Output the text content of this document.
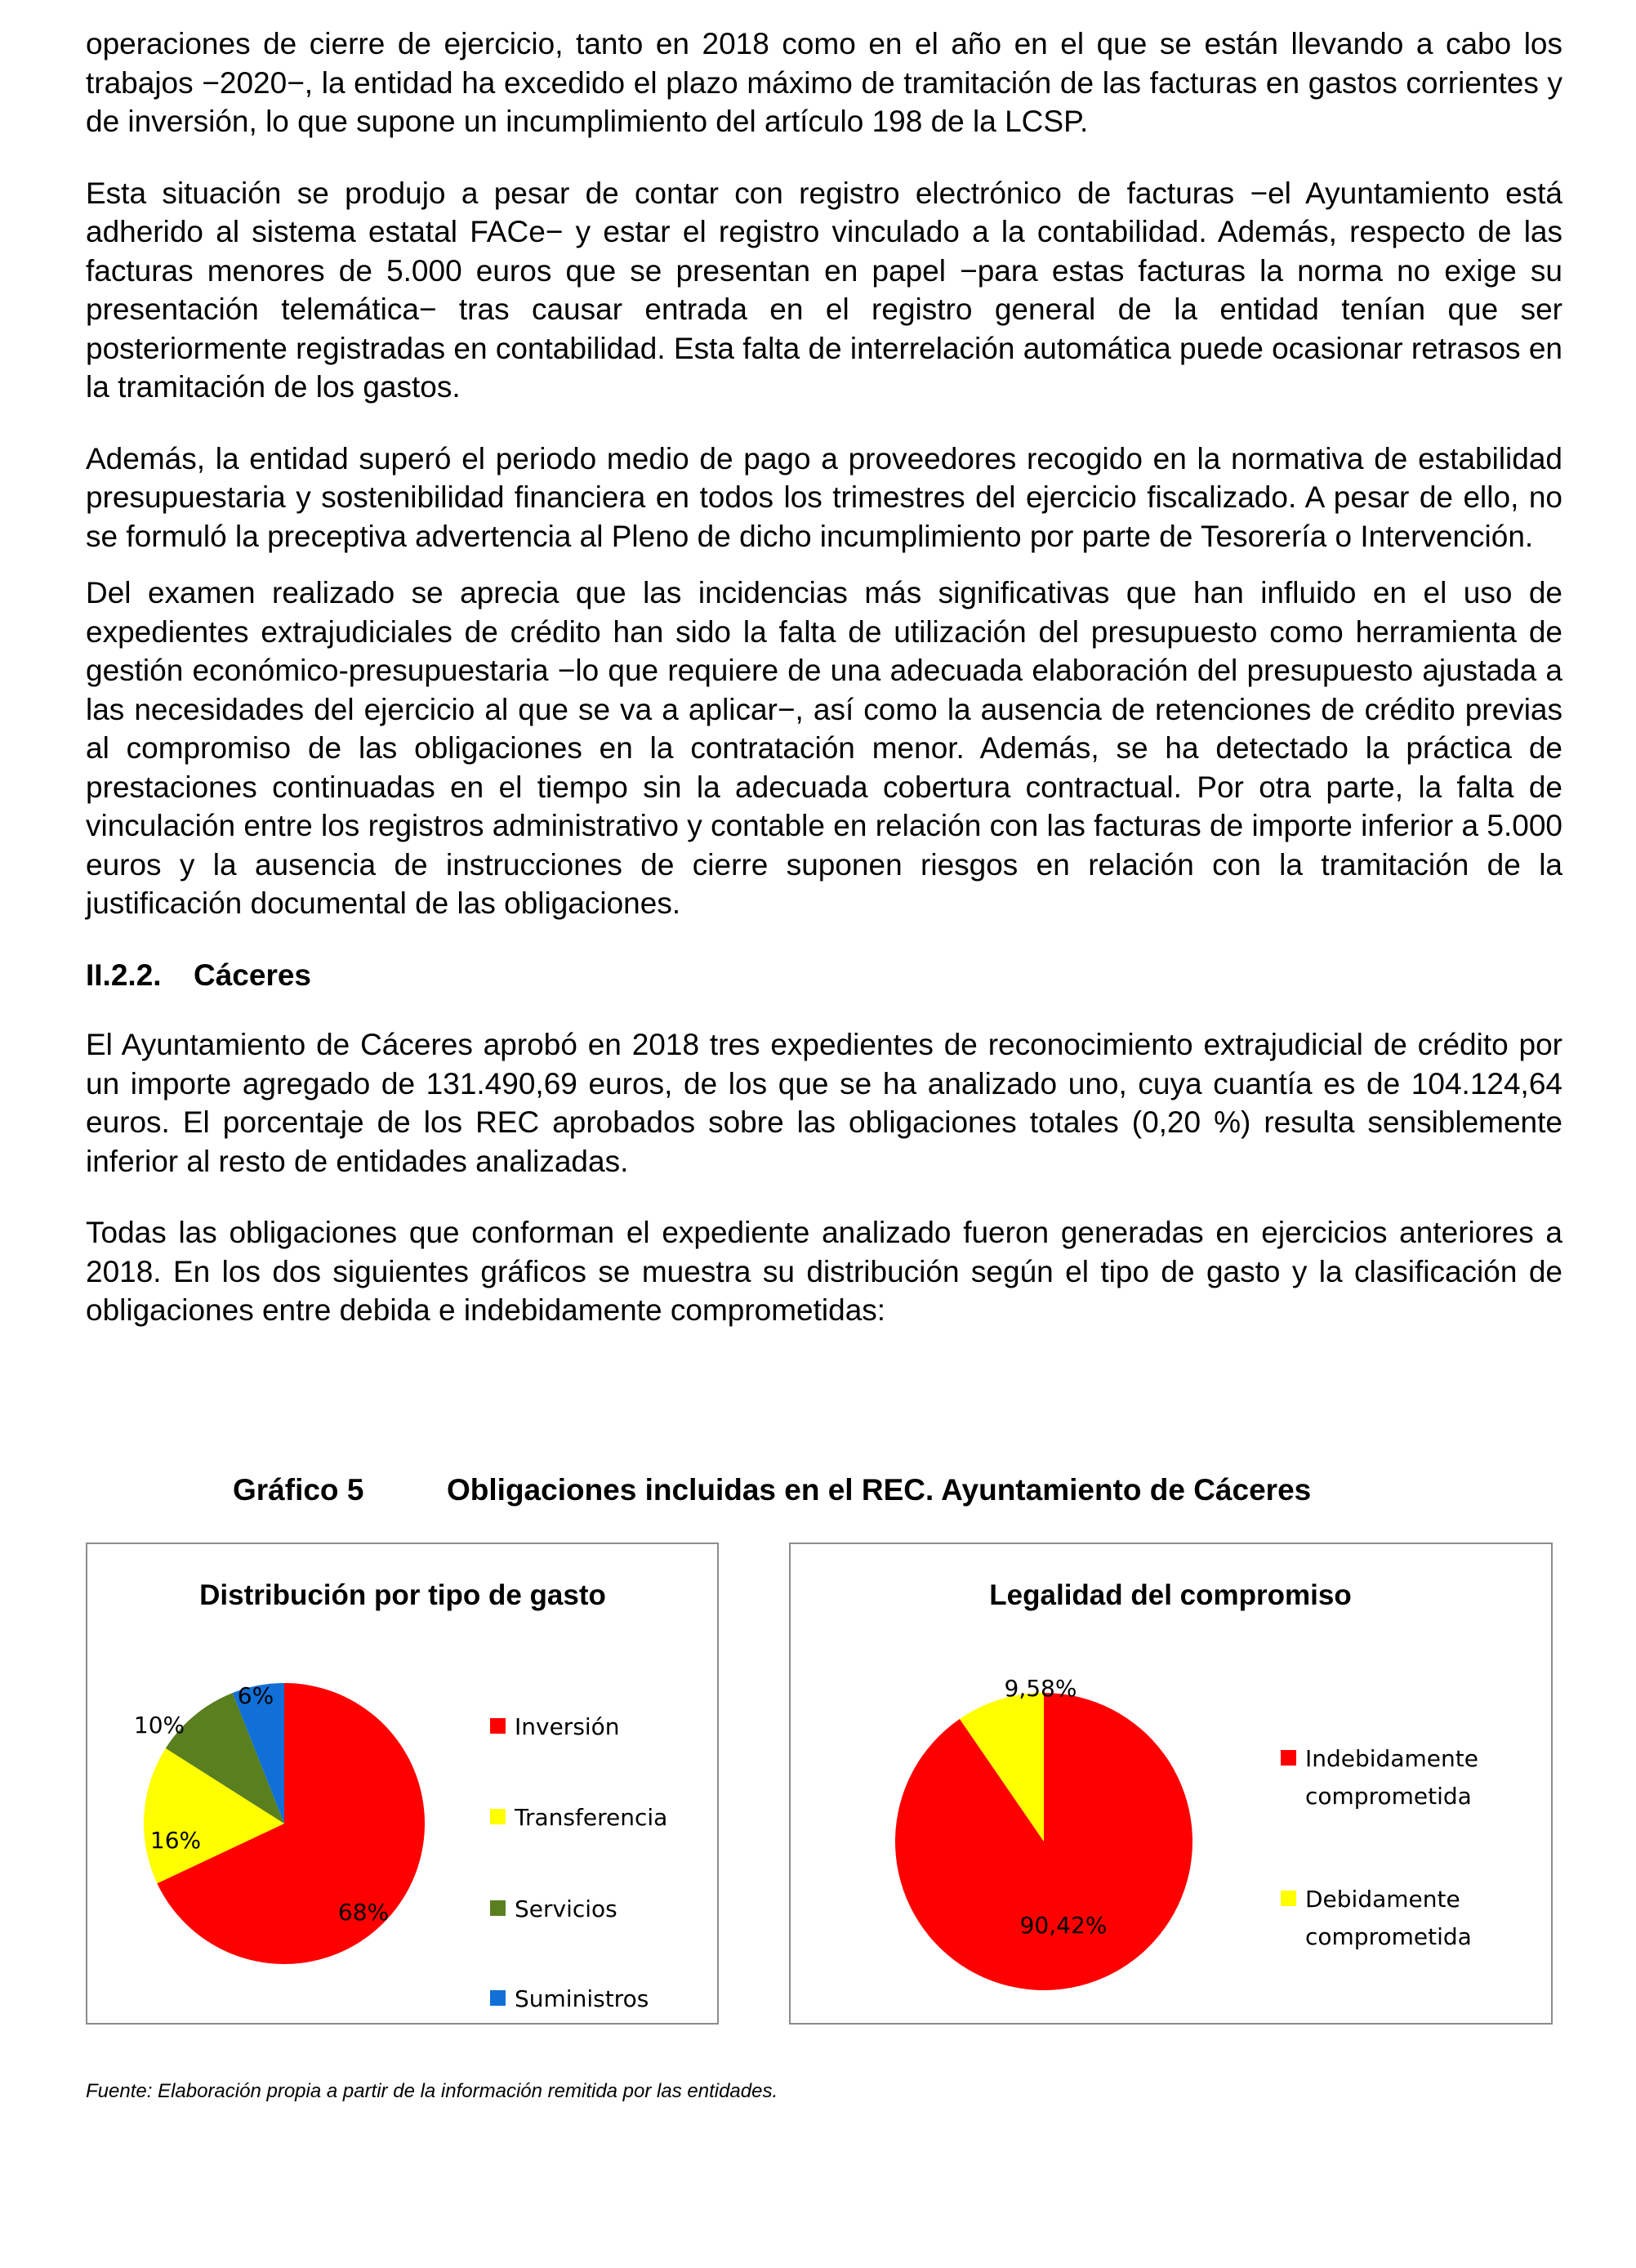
operaciones de cierre de ejercicio, tanto en 2018 como en el año en el que se están llevando a cabo los trabajos −2020−, la entidad ha excedido el plazo máximo de tramitación de las facturas en gastos corrientes y de inversión, lo que supone un incumplimiento del artículo 198 de la LCSP.

Esta situación se produjo a pesar de contar con registro electrónico de facturas −el Ayuntamiento está adherido al sistema estatal FACe− y estar el registro vinculado a la contabilidad. Además, respecto de las facturas menores de 5.000 euros que se presentan en papel −para estas facturas la norma no exige su presentación telemática− tras causar entrada en el registro general de la entidad tenían que ser posteriormente registradas en contabilidad. Esta falta de interrelación automática puede ocasionar retrasos en la tramitación de los gastos.

Además, la entidad superó el periodo medio de pago a proveedores recogido en la normativa de estabilidad presupuestaria y sostenibilidad financiera en todos los trimestres del ejercicio fiscalizado. A pesar de ello, no se formuló la preceptiva advertencia al Pleno de dicho incumplimiento por parte de Tesorería o Intervención.

Del examen realizado se aprecia que las incidencias más significativas que han influido en el uso de expedientes extrajudiciales de crédito han sido la falta de utilización del presupuesto como herramienta de gestión económico-presupuestaria −lo que requiere de una adecuada elaboración del presupuesto ajustada a las necesidades del ejercicio al que se va a aplicar−, así como la ausencia de retenciones de crédito previas al compromiso de las obligaciones en la contratación menor. Además, se ha detectado la práctica de prestaciones continuadas en el tiempo sin la adecuada cobertura contractual. Por otra parte, la falta de vinculación entre los registros administrativo y contable en relación con las facturas de importe inferior a 5.000 euros y la ausencia de instrucciones de cierre suponen riesgos en relación con la tramitación de la justificación documental de las obligaciones.

II.2.2. Cáceres

El Ayuntamiento de Cáceres aprobó en 2018 tres expedientes de reconocimiento extrajudicial de crédito por un importe agregado de 131.490,69 euros, de los que se ha analizado uno, cuya cuantía es de 104.124,64 euros. El porcentaje de los REC aprobados sobre las obligaciones totales (0,20 %) resulta sensiblemente inferior al resto de entidades analizadas.

Todas las obligaciones que conforman el expediente analizado fueron generadas en ejercicios anteriores a 2018. En los dos siguientes gráficos se muestra su distribución según el tipo de gasto y la clasificación de obligaciones entre debida e indebidamente comprometidas:

Gráfico 5	Obligaciones incluidas en el REC. Ayuntamiento de Cáceres
Distribución por tipo de gasto
68%
16%
10%
6%
Inversión
Transferencia
Servicios
Suministros
Legalidad del compromiso
90,42%
9,58%
Indebidamente
comprometida
Debidamente
comprometida
Fuente: Elaboración propia a partir de la información remitida por las entidades.
